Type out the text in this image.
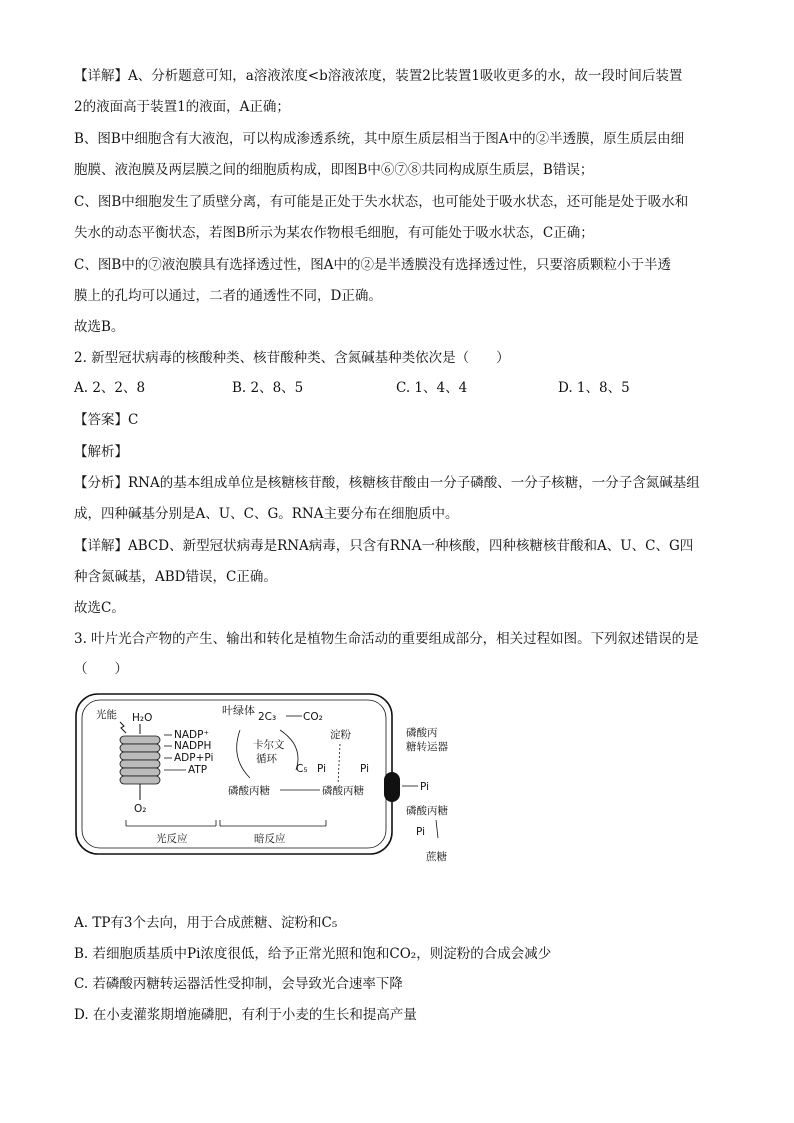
【详解】A、分析题意可知，a溶液浓度<b溶液浓度，装置2比装置1吸收更多的水，故一段时间后装置
2的液面高于装置1的液面，A正确；
B、图B中细胞含有大液泡，可以构成渗透系统，其中原生质层相当于图A中的②半透膜，原生质层由细
胞膜、液泡膜及两层膜之间的细胞质构成，即图B中⑥⑦⑧共同构成原生质层，B错误；
C、图B中细胞发生了质壁分离，有可能是正处于失水状态，也可能处于吸水状态，还可能是处于吸水和
失水的动态平衡状态，若图B所示为某农作物根毛细胞，有可能处于吸水状态，C正确；
C、图B中的⑦液泡膜具有选择透过性，图A中的②是半透膜没有选择透过性，只要溶质颗粒小于半透
膜上的孔均可以通过，二者的通透性不同，D正确。
故选B。
2. 新型冠状病毒的核酸种类、核苷酸种类、含氮碱基种类依次是（　　）
A. 2、2、8	B. 2、8、5	C. 1、4、4	D. 1、8、5
【答案】C
【解析】
【分析】RNA的基本组成单位是核糖核苷酸，核糖核苷酸由一分子磷酸、一分子核糖，一分子含氮碱基组
成，四种碱基分别是A、U、C、G。RNA主要分布在细胞质中。
【详解】ABCD、新型冠状病毒是RNA病毒，只含有RNA一种核酸，四种核糖核苷酸和A、U、C、G四
种含氮碱基，ABD错误，C正确。
故选C。
3. 叶片光合产物的产生、输出和转化是植物生命活动的重要组成部分，相关过程如图。下列叙述错误的是
（　　）
叶绿体
光能 H₂O
O₂
NADP⁺
NADPH
ADP+Pi
ATP
2C₃	CO₂
卡尔文
循环
C₅ Pi
淀粉
磷酸丙糖	磷酸丙糖
Pi
磷酸丙
糖转运器
Pi
磷酸丙糖
Pi
蔗糖
光反应	暗反应
A. TP有3个去向，用于合成蔗糖、淀粉和C₅
B. 若细胞质基质中Pi浓度很低，给予正常光照和饱和CO₂，则淀粉的合成会减少
C. 若磷酸丙糖转运器活性受抑制，会导致光合速率下降
D. 在小麦灌浆期增施磷肥，有利于小麦的生长和提高产量
